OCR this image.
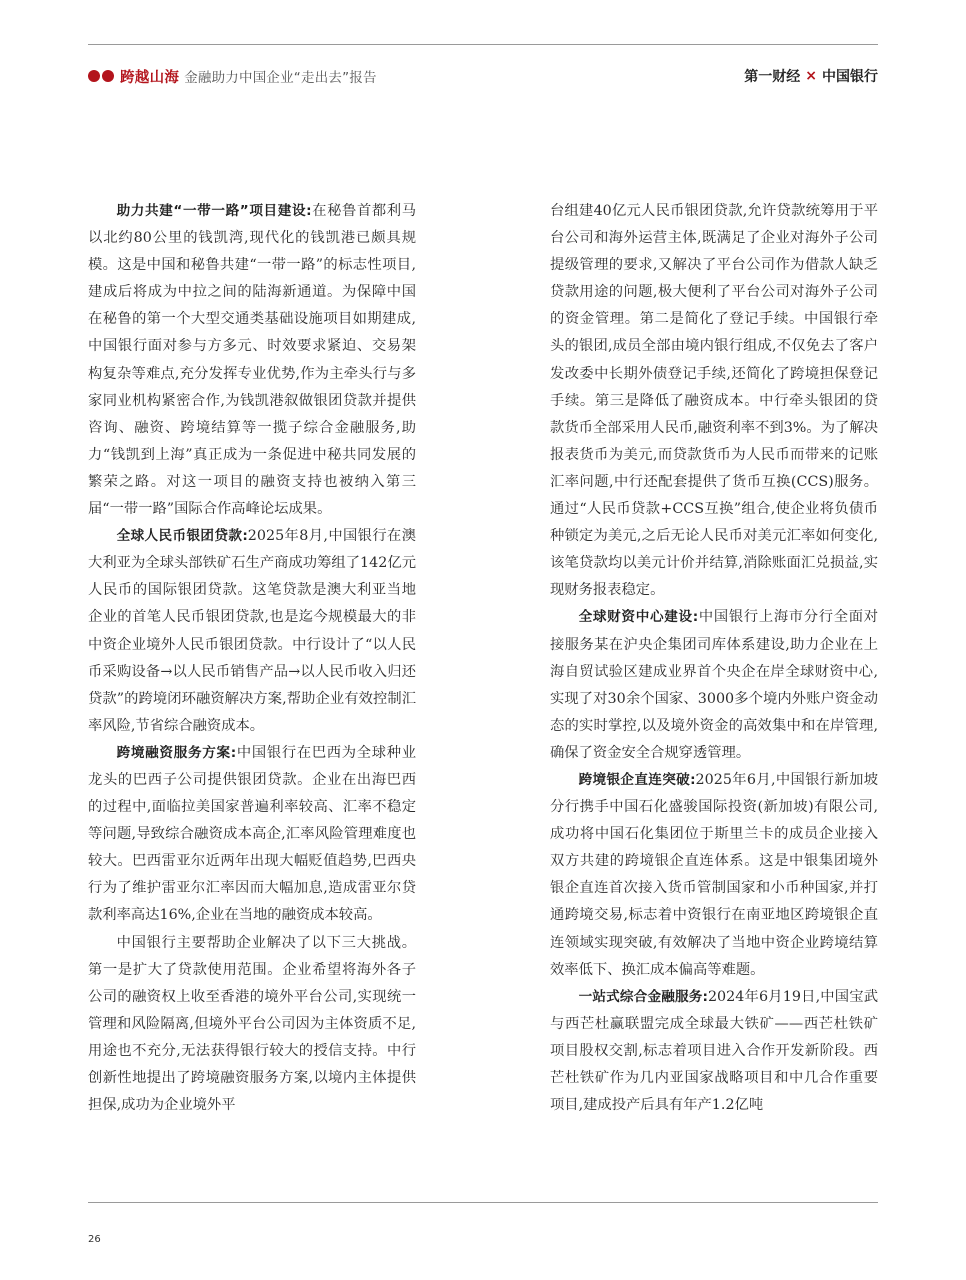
跨越山海 金融助力中国企业“走出去”报告	第一财经 × 中国银行

助力共建“一带一路”项目建设:在秘鲁首都利马以北约80公里的钱凯湾,现代化的钱凯港已颇具规模。这是中国和秘鲁共建“一带一路”的标志性项目,建成后将成为中拉之间的陆海新通道。为保障中国在秘鲁的第一个大型交通类基础设施项目如期建成,中国银行面对参与方多元、时效要求紧迫、交易架构复杂等难点,充分发挥专业优势,作为主牵头行与多家同业机构紧密合作,为钱凯港叙做银团贷款并提供咨询、融资、跨境结算等一揽子综合金融服务,助力“钱凯到上海”真正成为一条促进中秘共同发展的繁荣之路。对这一项目的融资支持也被纳入第三届“一带一路”国际合作高峰论坛成果。

全球人民币银团贷款:2025年8月,中国银行在澳大利亚为全球头部铁矿石生产商成功筹组了142亿元人民币的国际银团贷款。这笔贷款是澳大利亚当地企业的首笔人民币银团贷款,也是迄今规模最大的非中资企业境外人民币银团贷款。中行设计了“以人民币采购设备→以人民币销售产品→以人民币收入归还贷款”的跨境闭环融资解决方案,帮助企业有效控制汇率风险,节省综合融资成本。

跨境融资服务方案:中国银行在巴西为全球种业龙头的巴西子公司提供银团贷款。企业在出海巴西的过程中,面临拉美国家普遍利率较高、汇率不稳定等问题,导致综合融资成本高企,汇率风险管理难度也较大。巴西雷亚尔近两年出现大幅贬值趋势,巴西央行为了维护雷亚尔汇率因而大幅加息,造成雷亚尔贷款利率高达16%,企业在当地的融资成本较高。

中国银行主要帮助企业解决了以下三大挑战。第一是扩大了贷款使用范围。企业希望将海外各子公司的融资权上收至香港的境外平台公司,实现统一管理和风险隔离,但境外平台公司因为主体资质不足,用途也不充分,无法获得银行较大的授信支持。中行创新性地提出了跨境融资服务方案,以境内主体提供担保,成功为企业境外平

台组建40亿元人民币银团贷款,允许贷款统筹用于平台公司和海外运营主体,既满足了企业对海外子公司提级管理的要求,又解决了平台公司作为借款人缺乏贷款用途的问题,极大便利了平台公司对海外子公司的资金管理。第二是简化了登记手续。中国银行牵头的银团,成员全部由境内银行组成,不仅免去了客户发改委中长期外债登记手续,还简化了跨境担保登记手续。第三是降低了融资成本。中行牵头银团的贷款货币全部采用人民币,融资利率不到3%。为了解决报表货币为美元,而贷款货币为人民币而带来的记账汇率问题,中行还配套提供了货币互换(CCS)服务。通过“人民币贷款+CCS互换”组合,使企业将负债币种锁定为美元,之后无论人民币对美元汇率如何变化,该笔贷款均以美元计价并结算,消除账面汇兑损益,实现财务报表稳定。

全球财资中心建设:中国银行上海市分行全面对接服务某在沪央企集团司库体系建设,助力企业在上海自贸试验区建成业界首个央企在岸全球财资中心,实现了对30余个国家、3000多个境内外账户资金动态的实时掌控,以及境外资金的高效集中和在岸管理,确保了资金安全合规穿透管理。

跨境银企直连突破:2025年6月,中国银行新加坡分行携手中国石化盛骏国际投资(新加坡)有限公司,成功将中国石化集团位于斯里兰卡的成员企业接入双方共建的跨境银企直连体系。这是中银集团境外银企直连首次接入货币管制国家和小币种国家,并打通跨境交易,标志着中资银行在南亚地区跨境银企直连领域实现突破,有效解决了当地中资企业跨境结算效率低下、换汇成本偏高等难题。

一站式综合金融服务:2024年6月19日,中国宝武与西芒杜赢联盟完成全球最大铁矿——西芒杜铁矿项目股权交割,标志着项目进入合作开发新阶段。西芒杜铁矿作为几内亚国家战略项目和中几合作重要项目,建成投产后具有年产1.2亿吨

26
